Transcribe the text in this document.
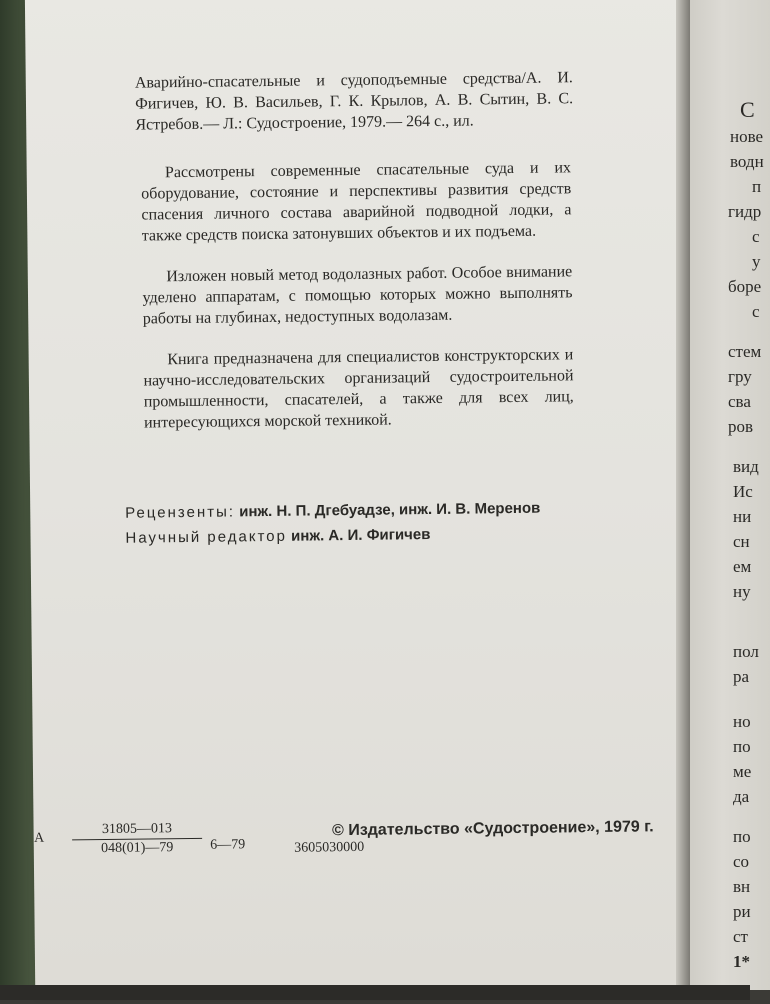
С
нове
водн
п
гидр
с
у
боре
с
стем
гру
сва
ров
вид
Ис
ни
сн
ем
ну
пол
ра
но
по
ме
да
по
со
вн
ри
ст
1*
Аварийно-спасательные и судоподъемные средства/А. И. Фигичев, Ю. В. Васильев, Г. К. Крылов, А. В. Сытин, В. С. Ястребов.— Л.: Судостроение, 1979.— 264 с., ил.

Рассмотрены современные спасательные суда и их оборудование, состояние и перспективы развития средств спасения личного состава аварийной подводной лодки, а также средств поиска затонувших объектов и их подъема.

Изложен новый метод водолазных работ. Особое внимание уделено аппаратам, с помощью которых можно выполнять работы на глубинах, недоступных водолазам.

Книга предназначена для специалистов конструкторских и научно-исследовательских организаций судостроительной промышленности, спасателей, а также для всех лиц, интересующихся морской техникой.

Рецензенты: инж. Н. П. Дгебуадзе, инж. И. В. Меренов
Научный редактор инж. А. И. Фигичев
А $\frac{31805—013}{048(01)—79}$ 6—79	3605030000
© Издательство «Судостроение», 1979 г.
